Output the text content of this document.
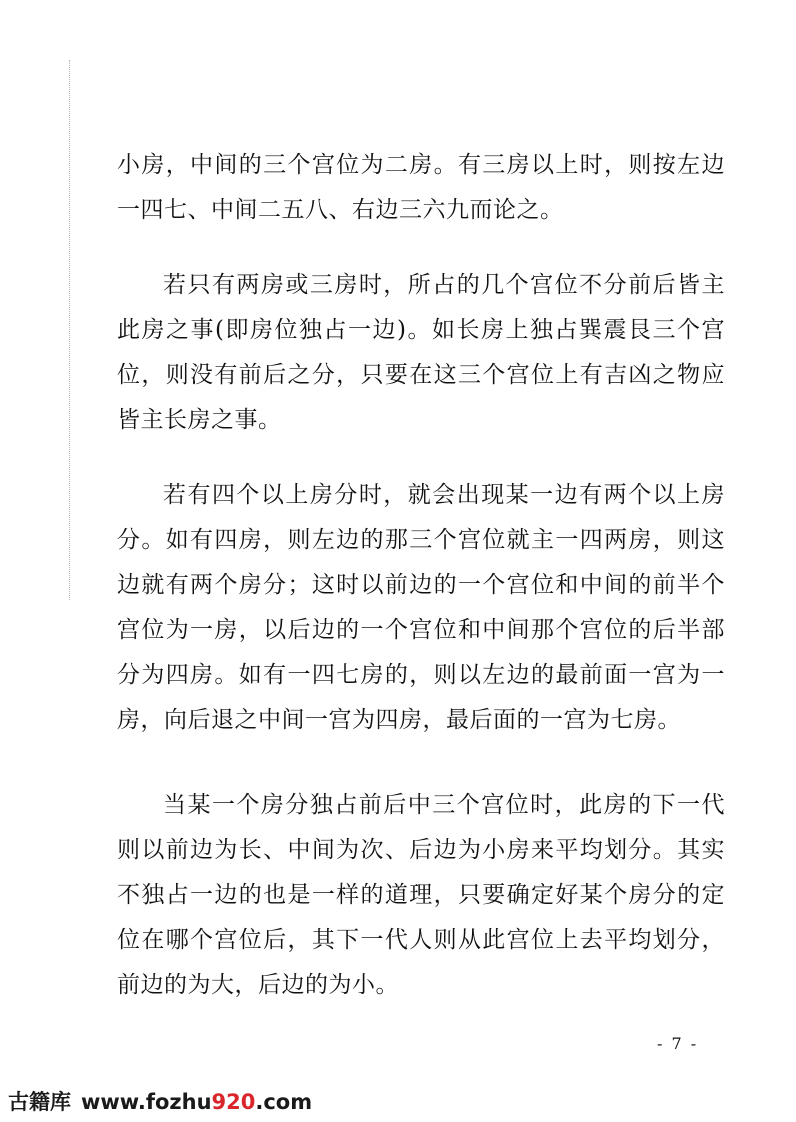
小房，中间的三个宫位为二房。有三房以上时，则按左边一四七、中间二五八、右边三六九而论之。

若只有两房或三房时，所占的几个宫位不分前后皆主此房之事(即房位独占一边)。如长房上独占巽震艮三个宫位，则没有前后之分，只要在这三个宫位上有吉凶之物应皆主长房之事。

若有四个以上房分时，就会出现某一边有两个以上房分。如有四房，则左边的那三个宫位就主一四两房，则这边就有两个房分；这时以前边的一个宫位和中间的前半个宫位为一房，以后边的一个宫位和中间那个宫位的后半部分为四房。如有一四七房的，则以左边的最前面一宫为一房，向后退之中间一宫为四房，最后面的一宫为七房。

当某一个房分独占前后中三个宫位时，此房的下一代则以前边为长、中间为次、后边为小房来平均划分。其实不独占一边的也是一样的道理，只要确定好某个房分的定位在哪个宫位后，其下一代人则从此宫位上去平均划分，前边的为大，后边的为小。

- 7 -
古籍库 www.fozhu920.com
